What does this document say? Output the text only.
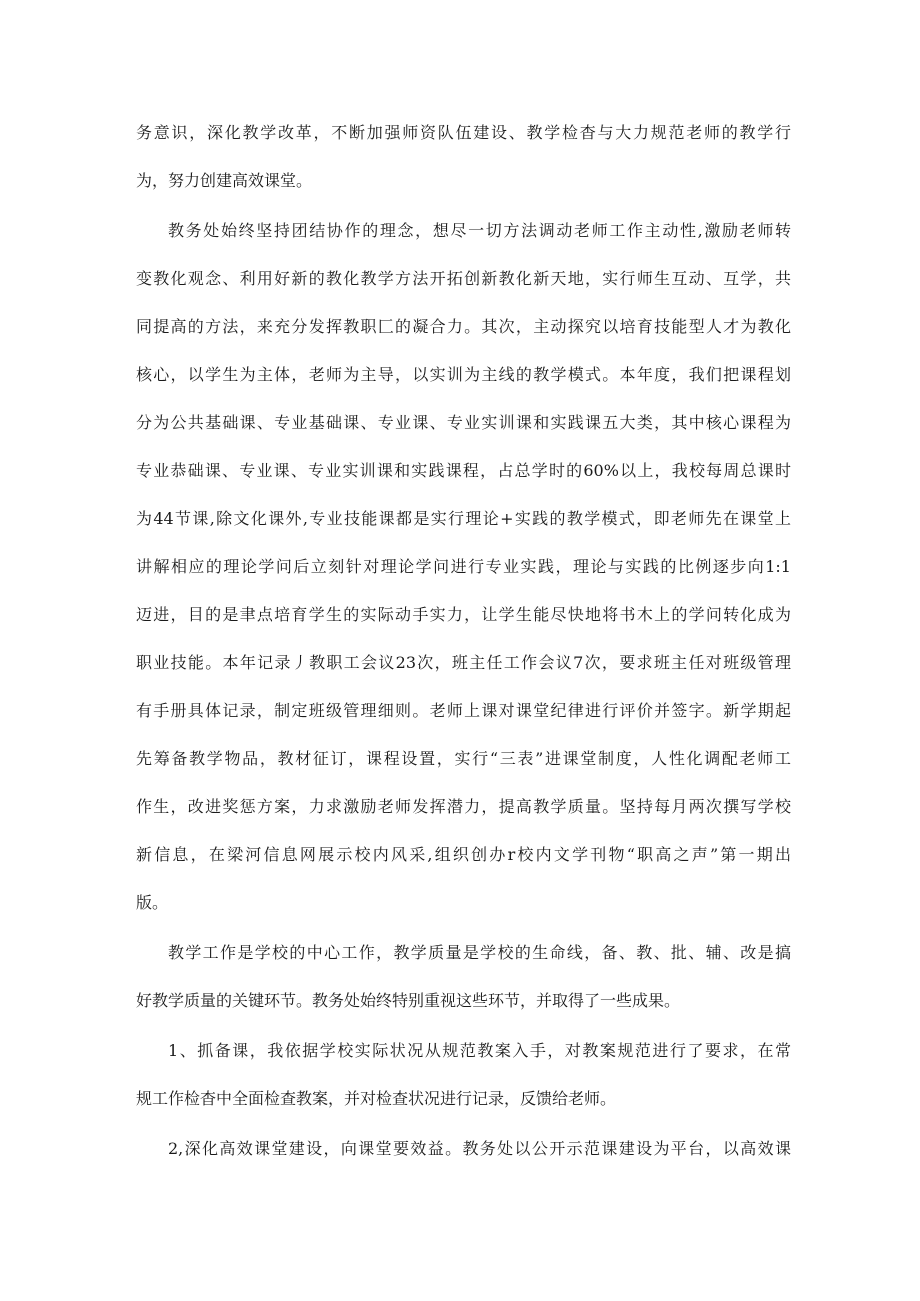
务意识，深化教学改革，不断加强师资队伍建设、教学检杳与大力规范老师的教学行
为，努力创建高效课堂。
教务处始终坚持团结协作的理念，想尽一切方法调动老师工作主动性,激励老师转
变教化观念、利用好新的教化教学方法开拓创新教化新天地，实行师生互动、互学，共
同提高的方法，来充分发挥教职匚的凝合力。其次，主动探究以培育技能型人才为教化
核心，以学生为主体，老师为主导，以实训为主线的教学模式。本年度，我们把课程划
分为公共基础课、专业基础课、专业课、专业实训课和实践课五大类，其中核心课程为
专业恭础课、专业课、专业实训课和实践课程，占总学时的60%以上，我校每周总课时
为44节课,除文化课外,专业技能课都是实行理论+实践的教学模式，即老师先在课堂上
讲解相应的理论学问后立刻针对理论学问进行专业实践，理论与实践的比例逐步向1:1
迈进，目的是聿点培育学生的实际动手实力，让学生能尽快地将书木上的学问转化成为
职业技能。本年记录丿教职工会议23次，班主任工作会议7次，要求班主任对班级管理
有手册具体记录，制定班级管理细则。老师上课对课堂纪律进行评价并签字。新学期起
先筹备教学物品，教材征订，课程设置，实行“三表”进课堂制度，人性化调配老师工
作生，改进奖惩方案，力求激励老师发挥潜力，提高教学质量。坚持每月两次撰写学校
新信息，在梁河信息网展示校内风采,组织创办r校内文学刊物“职高之声”第一期出
版。
教学工作是学校的中心工作，教学质量是学校的生命线，备、教、批、辅、改是搞
好教学质量的关键环节。教务处始终特别重视这些环节，并取得了一些成果。
1、抓备课，我依据学校实际状况从规范教案入手，对教案规范进行了要求，在常
规工作检杳中全面检查教案，并对检查状况进行记录，反馈给老师。
2,深化高效课堂建设，向课堂要效益。教务处以公开示范课建设为平台，以高效课
